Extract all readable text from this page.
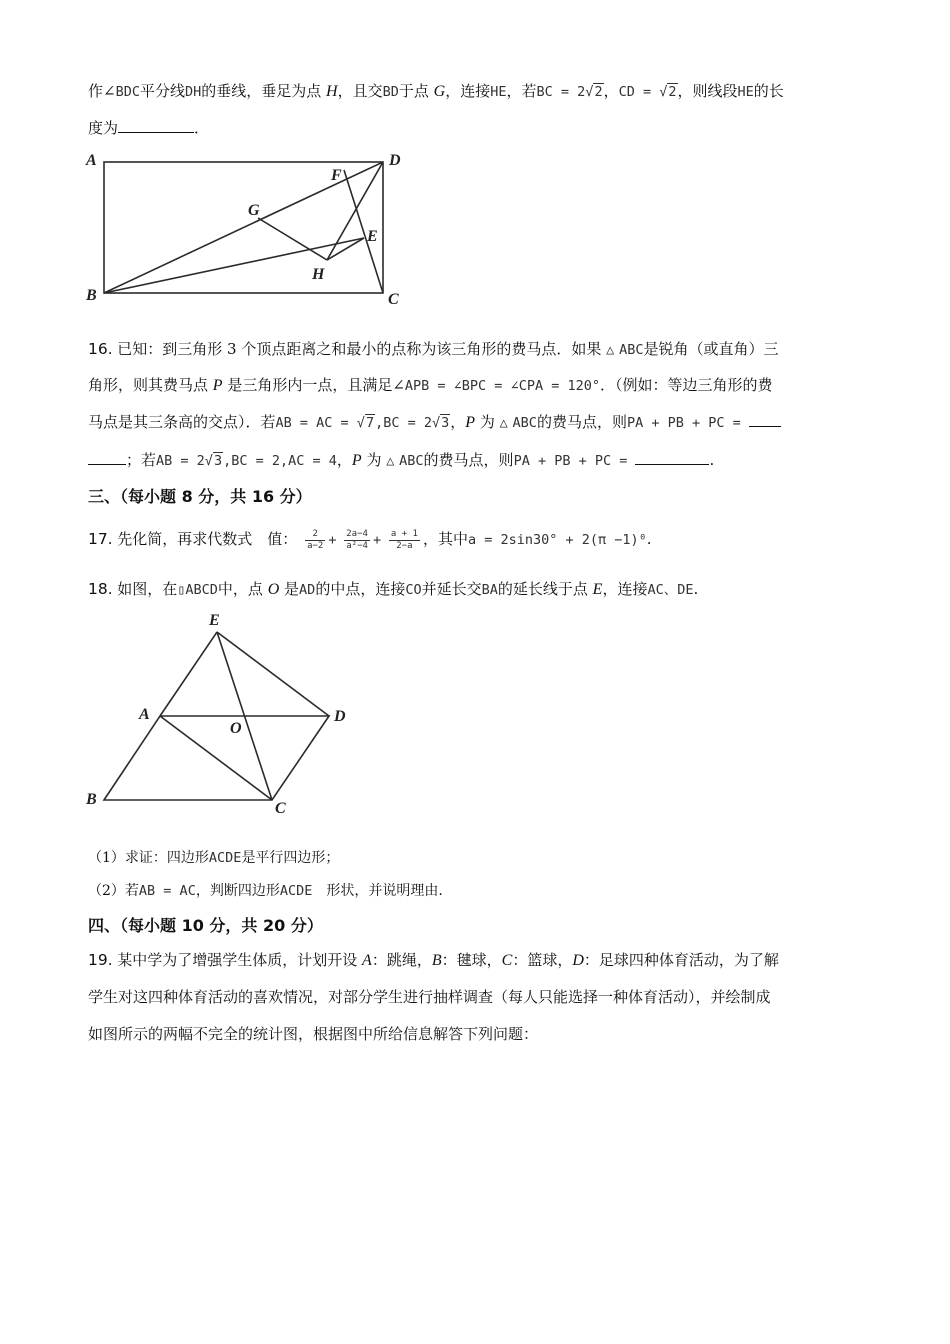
作∠BDC平分线DH的垂线，垂足为点 H，且交BD于点 G，连接HE，若BC = 2√2，CD = √2，则线段HE的长
度为	．
A	D
F
G
E
H
B	C
16. 已知：到三角形 3 个顶点距离之和最小的点称为该三角形的费马点．如果 △ ABC是锐角（或直角）三
角形，则其费马点 P 是三角形内一点，且满足∠APB = ∠BPC = ∠CPA = 120°．（例如：等边三角形的费
马点是其三条高的交点）．若AB = AC = √7,BC = 2√3，P 为 △ ABC的费马点，则PA + PB + PC =
；若AB = 2√3,BC = 2,AC = 4，P 为 △ ABC的费马点，则PA + PB + PC =	.
三、（每小题 8 分，共 16 分）
17. 先化简，再求代数式　值： $\frac{2}{a-2} + \frac{2a-4}{\text{a²−4}} + \frac{a + 1}{2-a}$ ，其中a = 2sin30° + 2(π −1)⁰.
18. 如图，在▯ABCD中，点 O 是AD的中点，连接CO并延长交BA的延长线于点 E，连接AC、DE.
E
A
O
D
B
C
（1）求证：四边形ACDE是平行四边形；
（2）若AB = AC，判断四边形ACDE　形状，并说明理由.
四、（每小题 10 分，共 20 分）
19. 某中学为了增强学生体质，计划开设 A：跳绳，B：毽球，C：篮球，D：足球四种体育活动，为了解
学生对这四种体育活动的喜欢情况，对部分学生进行抽样调查（每人只能选择一种体育活动），并绘制成
如图所示的两幅不完全的统计图，根据图中所给信息解答下列问题：
